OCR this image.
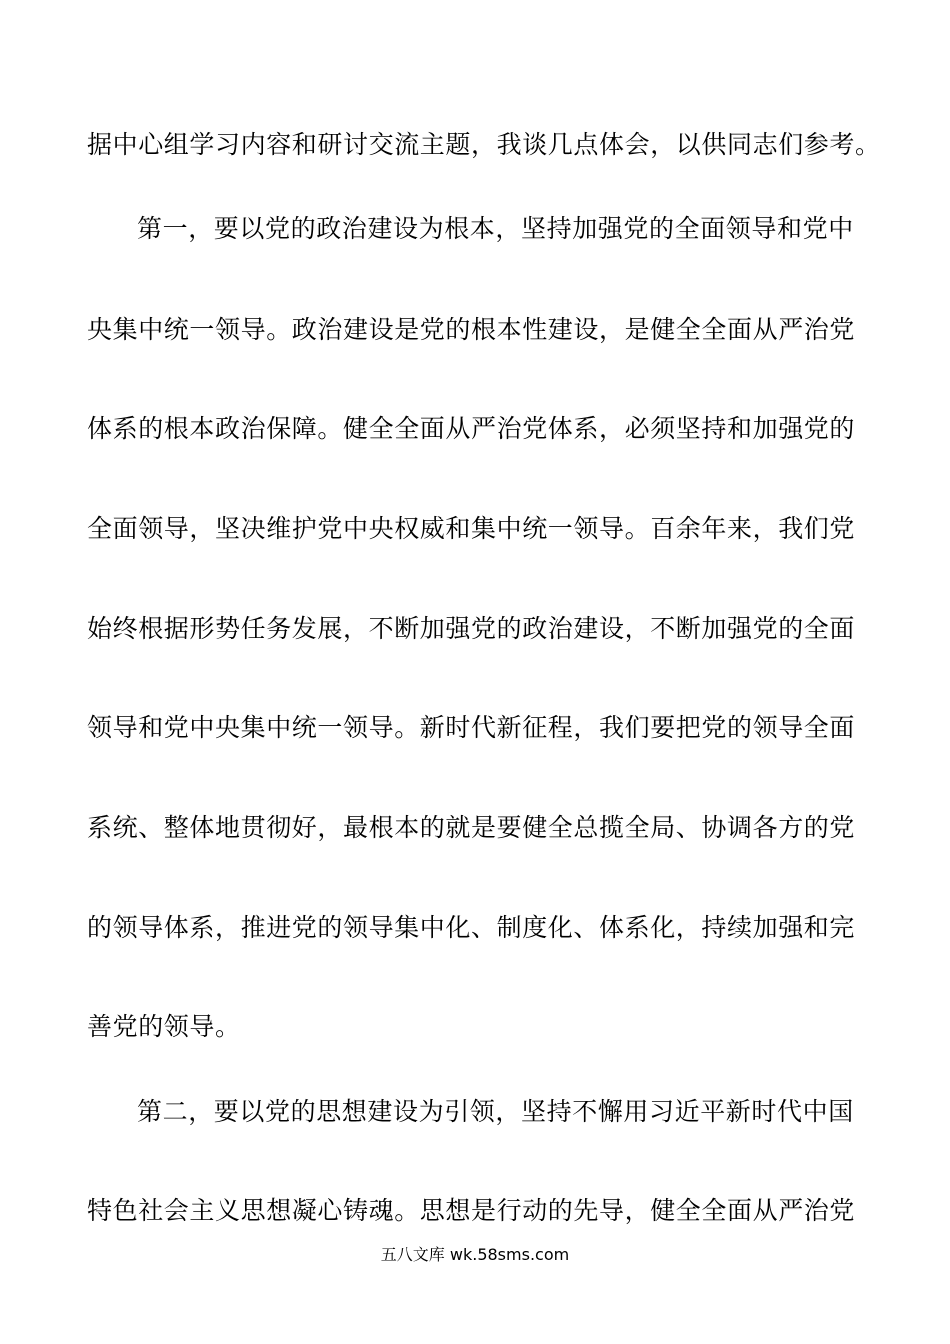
据中心组学习内容和研讨交流主题，我谈几点体会，以供同志们参考。
第一，要以党的政治建设为根本，坚持加强党的全面领导和党中
央集中统一领导。政治建设是党的根本性建设，是健全全面从严治党
体系的根本政治保障。健全全面从严治党体系，必须坚持和加强党的
全面领导，坚决维护党中央权威和集中统一领导。百余年来，我们党
始终根据形势任务发展，不断加强党的政治建设，不断加强党的全面
领导和党中央集中统一领导。新时代新征程，我们要把党的领导全面
系统、整体地贯彻好，最根本的就是要健全总揽全局、协调各方的党
的领导体系，推进党的领导集中化、制度化、体系化，持续加强和完
善党的领导。
第二，要以党的思想建设为引领，坚持不懈用习近平新时代中国
特色社会主义思想凝心铸魂。思想是行动的先导，健全全面从严治党
五八文库 wk.58sms.com
